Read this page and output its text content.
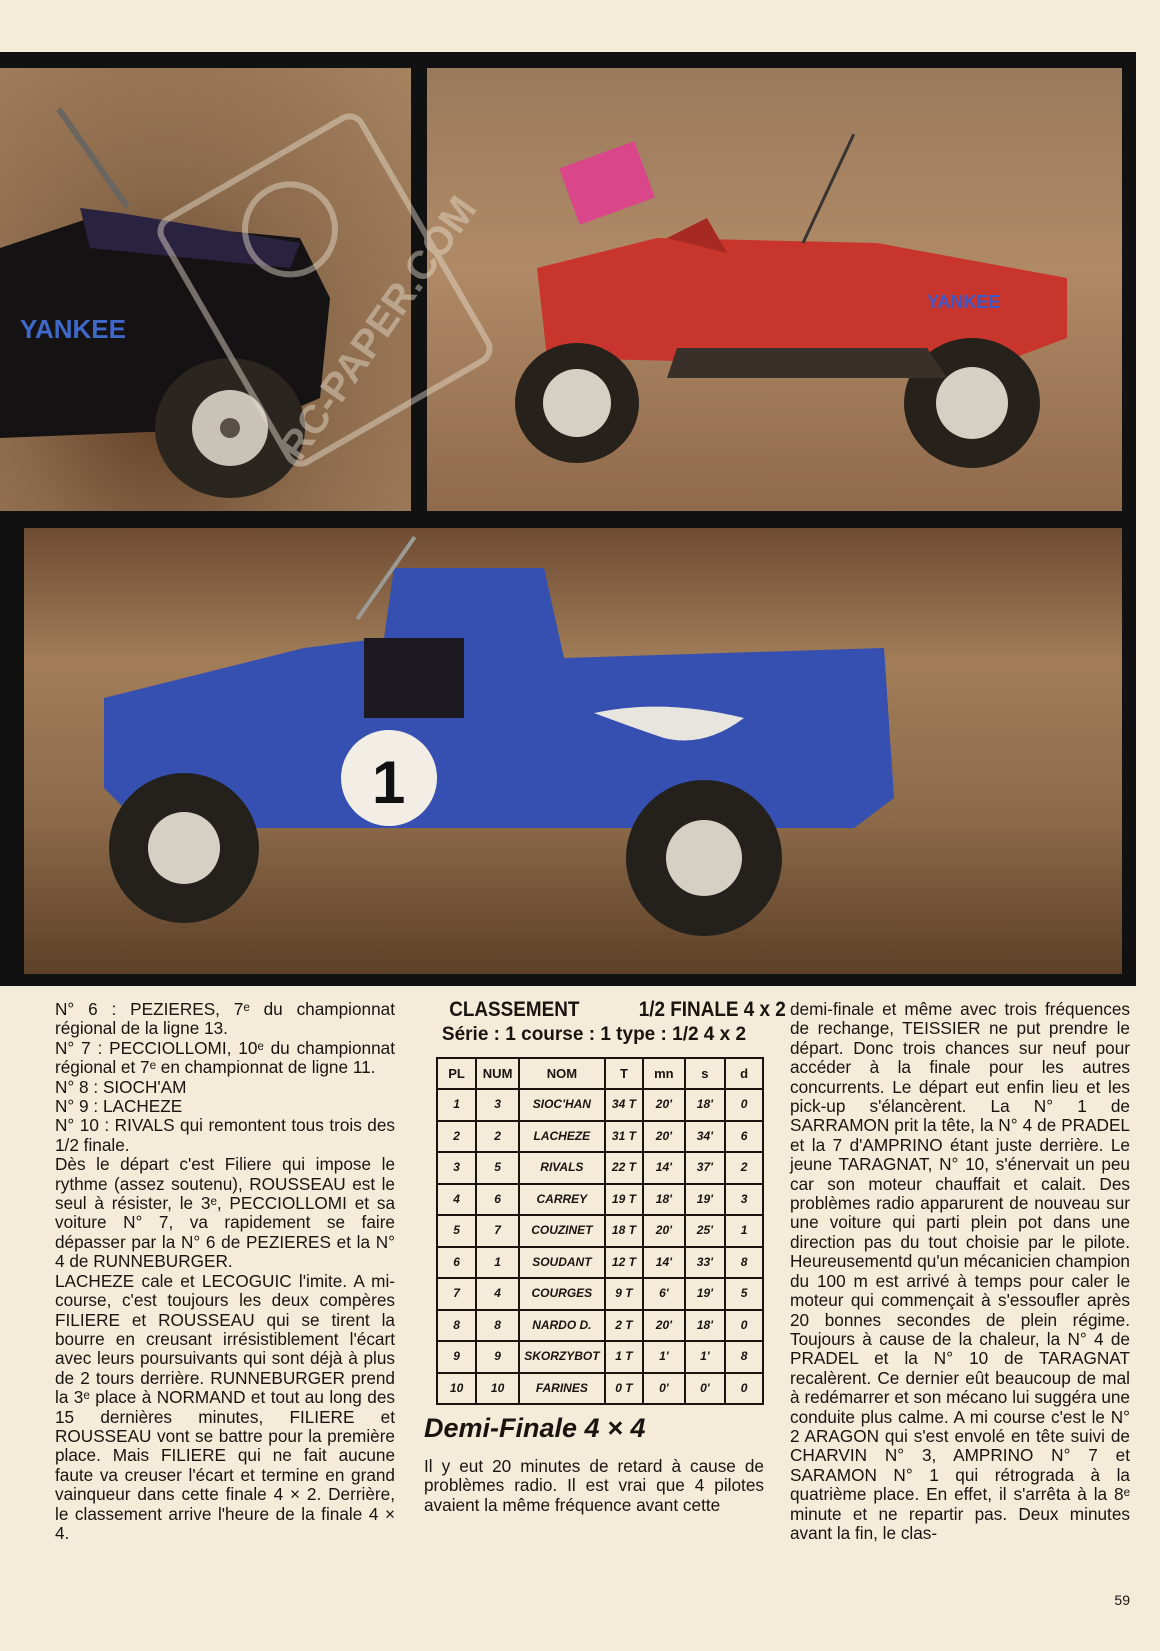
YANKEE
YANKEE
1
RC-PAPER.COM

N° 6 : PEZIERES, 7ᵉ du championnat régional de la ligne 13.

N° 7 : PECCIOLLOMI, 10ᵉ du championnat régional et 7ᵉ en championnat de ligne 11.

N° 8 : SIOCH'AM

N° 9 : LACHEZE

N° 10 : RIVALS qui remontent tous trois des 1/2 finale.

Dès le départ c'est Filiere qui impose le rythme (assez soutenu), ROUSSEAU est le seul à résister, le 3ᵉ, PECCIOLLOMI et sa voiture N° 7, va rapidement se faire dépasser par la N° 6 de PEZIERES et la N° 4 de RUNNEBURGER.

LACHEZE cale et LECOGUIC l'imite. A mi-course, c'est toujours les deux compères FILIERE et ROUSSEAU qui se tirent la bourre en creusant irrésistiblement l'écart avec leurs poursuivants qui sont déjà à plus de 2 tours derrière. RUNNEBURGER prend la 3ᵉ place à NORMAND et tout au long des 15 dernières minutes, FILIERE et ROUSSEAU vont se battre pour la première place. Mais FILIERE qui ne fait aucune faute va creuser l'écart et termine en grand vainqueur dans cette finale 4 × 2. Derrière, le classement arrive l'heure de la finale 4 × 4.

CLASSEMENT	1/2 FINALE 4 x 2
Série : 1 course : 1 type : 1/2 4 x 2
PL	NUM	NOM	T	mn	s	d
1	3	SIOC'HAN	34 T	20'	18'	0
2	2	LACHEZE	31 T	20'	34'	6
3	5	RIVALS	22 T	14'	37'	2
4	6	CARREY	19 T	18'	19'	3
5	7	COUZINET	18 T	20'	25'	1
6	1	SOUDANT	12 T	14'	33'	8
7	4	COURGES	9 T	6'	19'	5
8	8	NARDO D.	2 T	20'	18'	0
9	9	SKORZYBOT	1 T	1'	1'	8
10	10	FARINES	0 T	0'	0'	0
Demi-Finale 4 × 4

Il y eut 20 minutes de retard à cause de problèmes radio. Il est vrai que 4 pilotes avaient la même fréquence avant cette

demi-finale et même avec trois fréquences de rechange, TEISSIER ne put prendre le départ. Donc trois chances sur neuf pour accéder à la finale pour les autres concurrents. Le départ eut enfin lieu et les pick-up s'élancèrent. La N° 1 de SARRAMON prit la tête, la N° 4 de PRADEL et la 7 d'AMPRINO étant juste derrière. Le jeune TARAGNAT, N° 10, s'énervait un peu car son moteur chauffait et calait. Des problèmes radio apparurent de nouveau sur une voiture qui parti plein pot dans une direction pas du tout choisie par le pilote. Heureusementd qu'un mécanicien champion du 100 m est arrivé à temps pour caler le moteur qui commençait à s'essoufler après 20 bonnes secondes de plein régime. Toujours à cause de la chaleur, la N° 4 de PRADEL et la N° 10 de TARAGNAT recalèrent. Ce dernier eût beaucoup de mal à redémarrer et son mécano lui suggéra une conduite plus calme. A mi course c'est le N° 2 ARAGON qui s'est envolé en tête suivi de CHARVIN N° 3, AMPRINO N° 7 et SARAMON N° 1 qui rétrograda à la quatrième place. En effet, il s'arrêta à la 8ᵉ minute et ne repartir pas. Deux minutes avant la fin, le clas-

59
